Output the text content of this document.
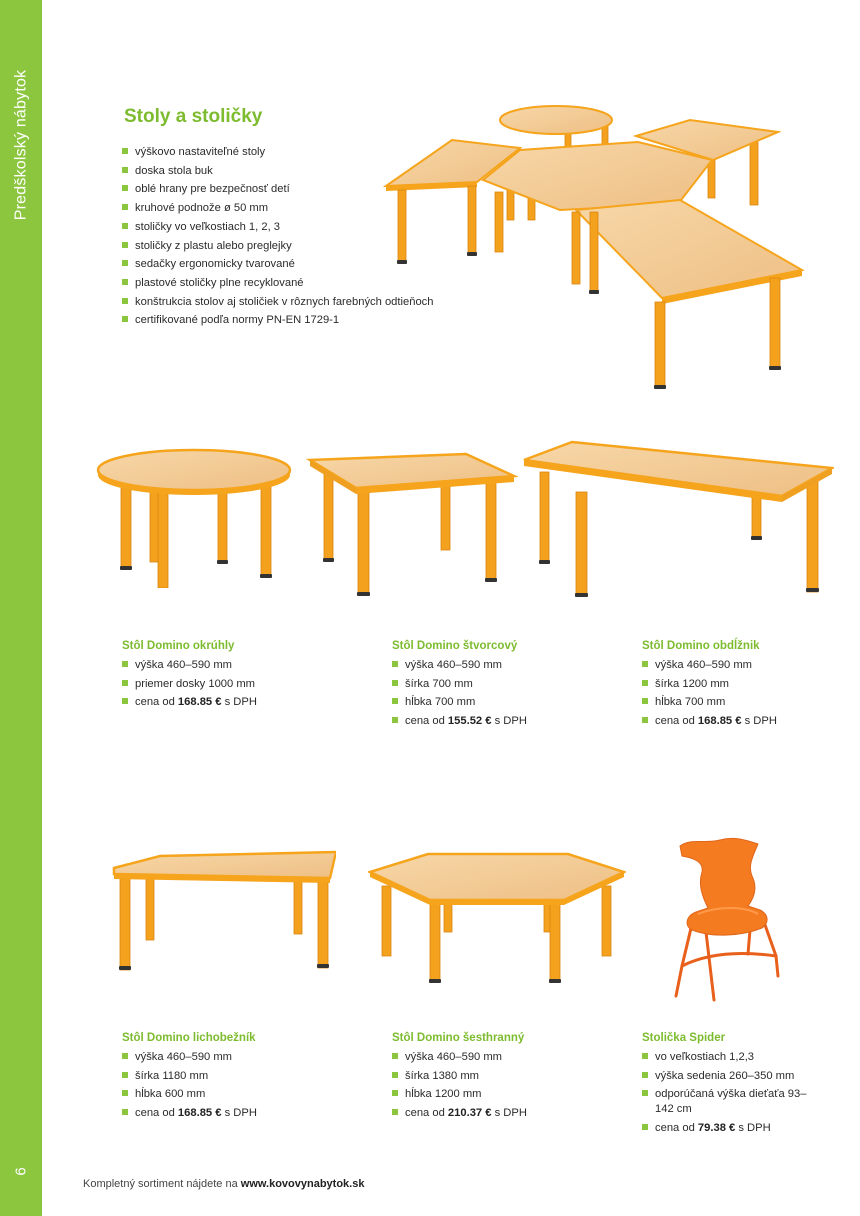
Predškolský nábytok
6
Stoly a stoličky
výškovo nastaviteľné stoly
doska stola buk
oblé hrany pre bezpečnosť detí
kruhové podnože ø 50 mm
stoličky vo veľkostiach 1, 2, 3
stoličky z plastu alebo preglejky
sedačky ergonomicky tvarované
plastové stoličky plne recyklované
konštrukcia stolov aj stoličiek v rôznych farebných odtieňoch
certifikované podľa normy PN-EN 1729-1
Stôl Domino okrúhly
výška 460–590 mm
priemer dosky 1000 mm
cena od 168.85 € s DPH
Stôl Domino štvorcový
výška 460–590 mm
šírka 700 mm
hĺbka 700 mm
cena od 155.52 € s DPH
Stôl Domino obdĺžnik
výška 460–590 mm
šírka 1200 mm
hĺbka 700 mm
cena od 168.85 € s DPH
Stôl Domino lichobežník
výška 460–590 mm
šírka 1180 mm
hĺbka 600 mm
cena od 168.85 € s DPH
Stôl Domino šesthranný
výška 460–590 mm
šírka 1380 mm
hĺbka 1200 mm
cena od 210.37 € s DPH
Stolička Spider
vo veľkostiach 1,2,3
výška sedenia 260–350 mm
odporúčaná výška dieťaťa 93–142 cm
cena od 79.38 € s DPH
Kompletný sortiment nájdete na www.kovovynabytok.sk
